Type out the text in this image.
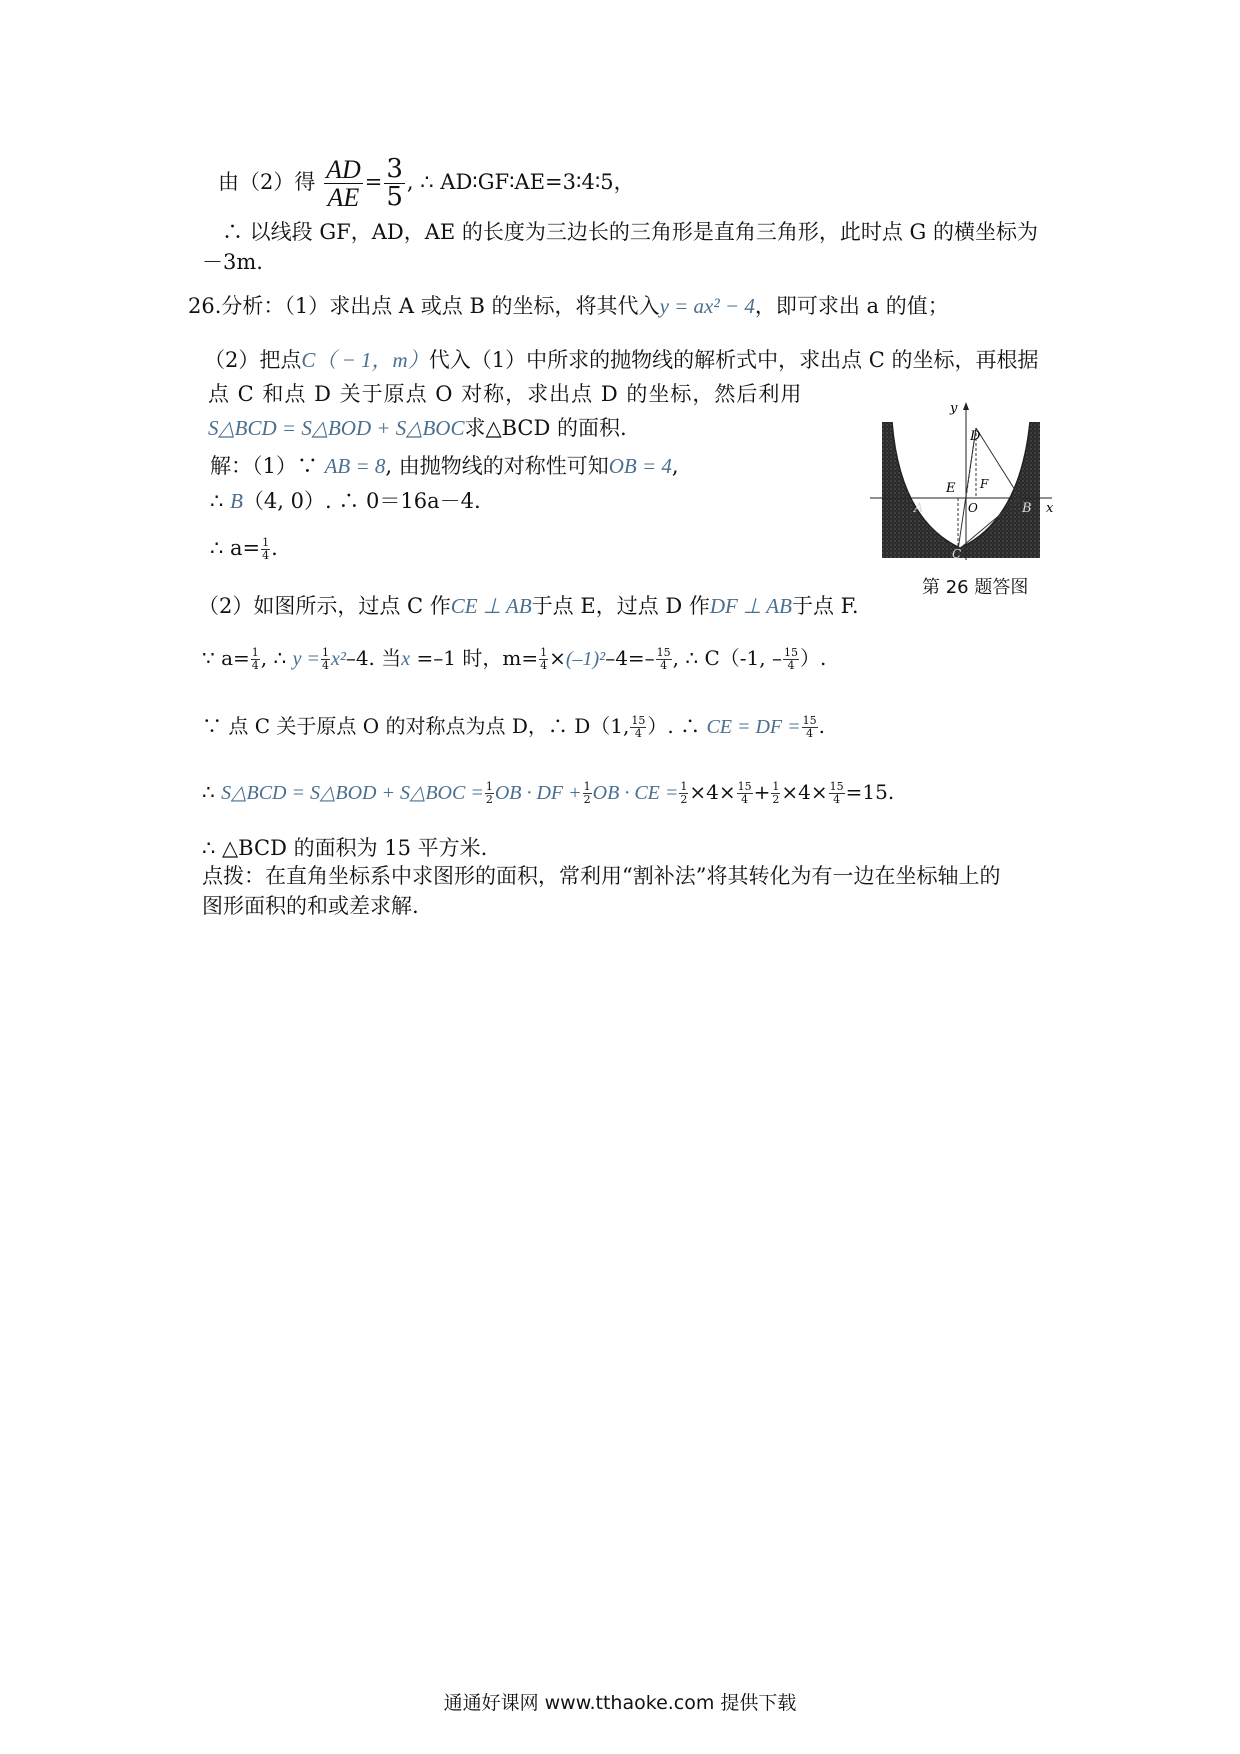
由（2）得 $\frac{AD}{AE} = \frac{3}{5}$ , ∴ AD∶GF∶AE=3∶4∶5，
∴ 以线段 GF，AD，AE 的长度为三边长的三角形是直角三角形，此时点 G 的横坐标为
－3m.
26.分析：（1）求出点 A 或点 B 的坐标，将其代入y = ax² − 4，即可求出 a 的值；
（2）把点C（ − 1，m）代入（1）中所求的抛物线的解析式中，求出点 C 的坐标，再根据
点 C 和点 D 关于原点 O 对称，求出点 D 的坐标，然后利用
S△BCD = S△BOD + S△BOC求△BCD 的面积.
解：（1）∵ AB = 8, 由抛物线的对称性可知OB = 4,
∴ B（4, 0）. ∴ 0＝16a－4.
∴ $a= \frac{1}{4}$ .
y
x
D
E F
O
A	B
C
第 26 题答图
（2）如图所示，过点 C 作CE ⊥ AB于点 E，过点 D 作DF ⊥ AB于点 F.
∵ $a= \frac{1}{4}$ , ∴ $y = \frac{1}{4} x^2-4$. 当x =–1 时，$m= \frac{1}{4} \times(-1)^2-4=- \frac{15}{4}$ , ∴ C（-1, – $\frac{15}{4}$ ）.
∵ 点 C 关于原点 O 的对称点为点 D，∴ D（1, $\frac{15}{4}$ ）. ∴ CE = DF = $\frac{15}{4}$ .
∴ S△BCD = S△BOD + S△BOC = $\frac{1}{2}$ OB · DF + $\frac{1}{2}$ OB · CE = $\frac{1}{2} \times 4\times \frac{15}{4} + \frac{1}{2} \times 4\times \frac{15}{4} =15$.
∴ △BCD 的面积为 15 平方米.
点拨：在直角坐标系中求图形的面积，常利用“割补法”将其转化为有一边在坐标轴上的
图形面积的和或差求解.
通通好课网 www.tthaoke.com 提供下载
